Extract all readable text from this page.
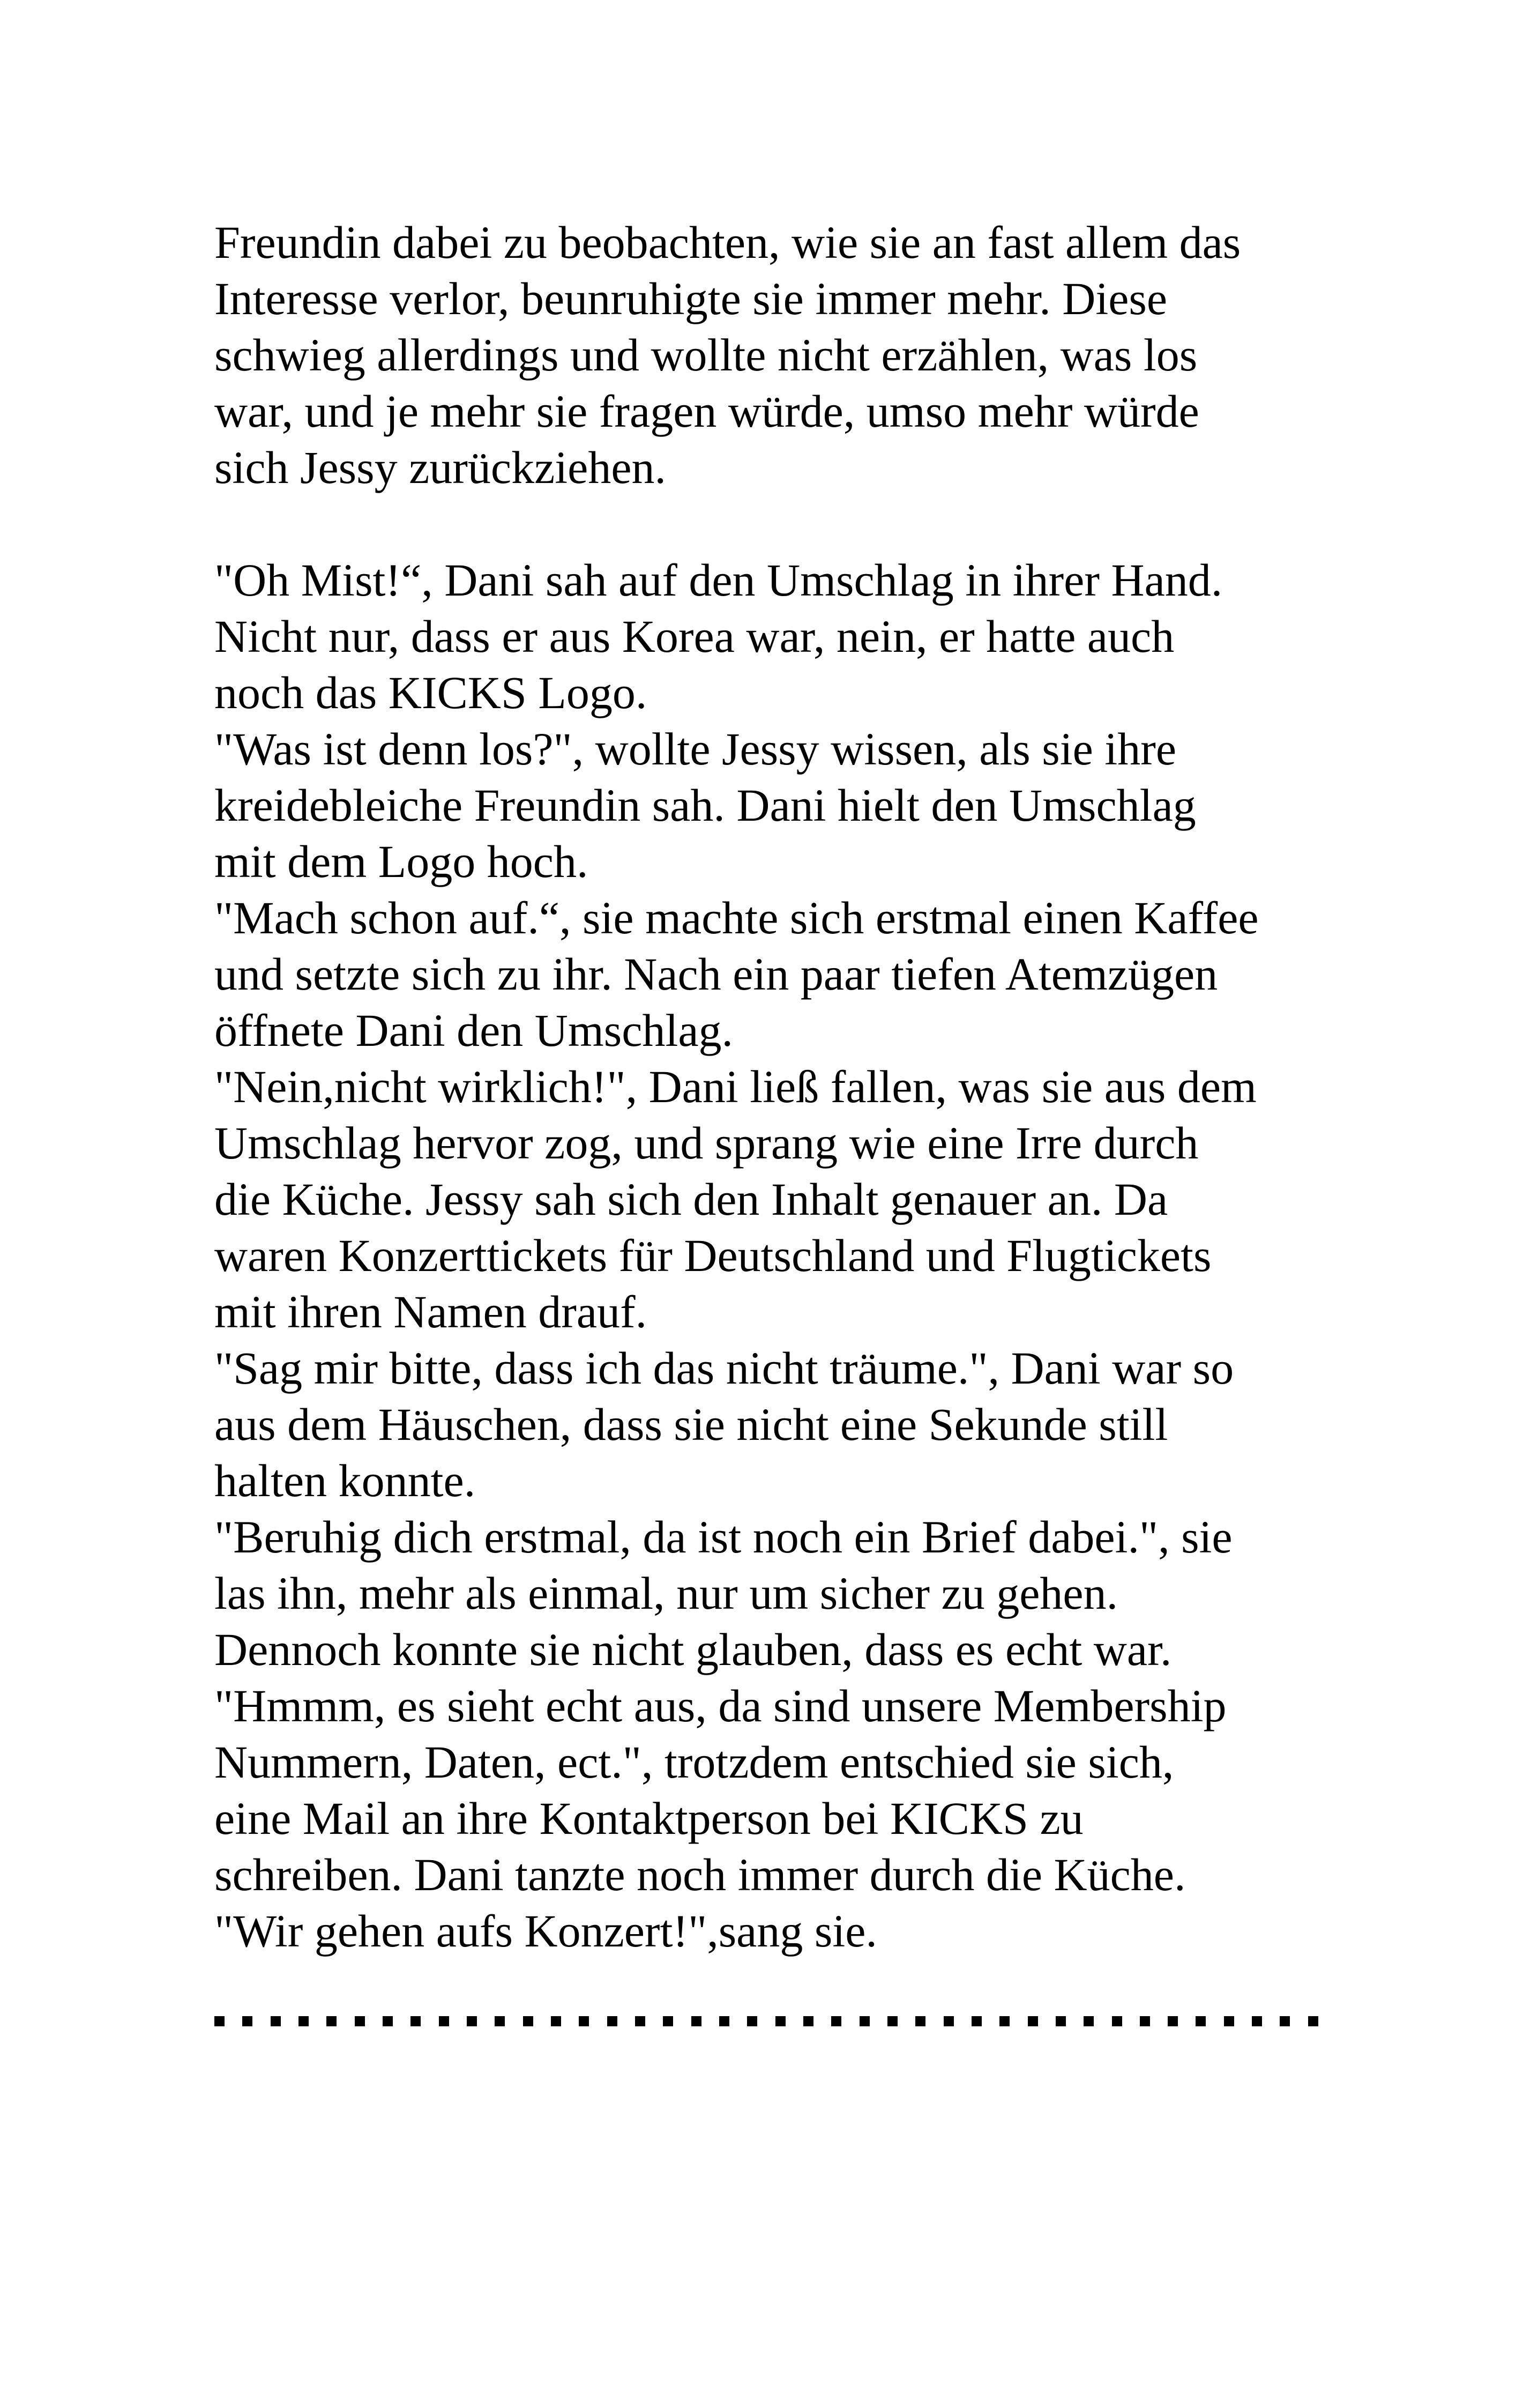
Freundin dabei zu beobachten, wie sie an fast allem das
Interesse verlor, beunruhigte sie immer mehr. Diese
schwieg allerdings und wollte nicht erzählen, was los
war, und je mehr sie fragen würde, umso mehr würde
sich Jessy zurückziehen.
"Oh Mist!“, Dani sah auf den Umschlag in ihrer Hand.
Nicht nur, dass er aus Korea war, nein, er hatte auch
noch das KICKS Logo.
"Was ist denn los?", wollte Jessy wissen, als sie ihre
kreidebleiche Freundin sah. Dani hielt den Umschlag
mit dem Logo hoch.
"Mach schon auf.“, sie machte sich erstmal einen Kaffee
und setzte sich zu ihr. Nach ein paar tiefen Atemzügen
öffnete Dani den Umschlag.
"Nein,nicht wirklich!", Dani ließ fallen, was sie aus dem
Umschlag hervor zog, und sprang wie eine Irre durch
die Küche. Jessy sah sich den Inhalt genauer an. Da
waren Konzerttickets für Deutschland und Flugtickets
mit ihren Namen drauf.
"Sag mir bitte, dass ich das nicht träume.", Dani war so
aus dem Häuschen, dass sie nicht eine Sekunde still
halten konnte.
"Beruhig dich erstmal, da ist noch ein Brief dabei.", sie
las ihn, mehr als einmal, nur um sicher zu gehen.
Dennoch konnte sie nicht glauben, dass es echt war.
"Hmmm, es sieht echt aus, da sind unsere Membership
Nummern, Daten, ect.", trotzdem entschied sie sich,
eine Mail an ihre Kontaktperson bei KICKS zu
schreiben. Dani tanzte noch immer durch die Küche.
"Wir gehen aufs Konzert!",sang sie.
